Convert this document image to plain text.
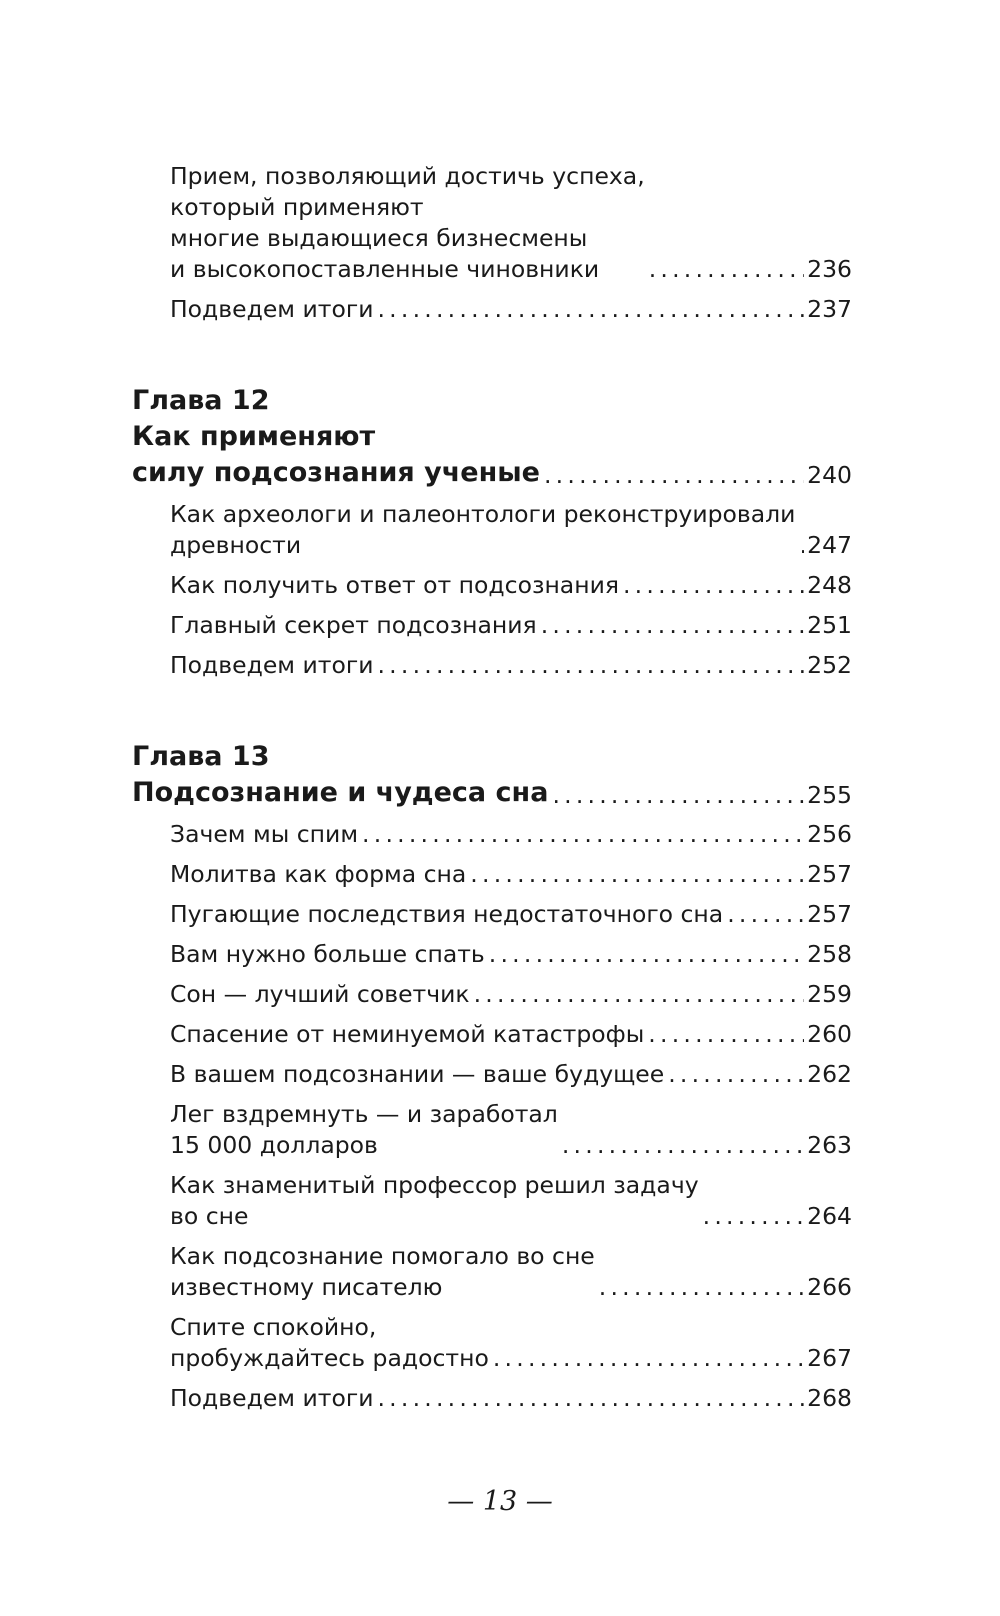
Прием, позволяющий достичь успеха,
который применяют
многие выдающиеся бизнесмены
и высокопоставленные чиновники .....	236
Подведем итоги .....	237
Глава 12
Как применяют
силу подсознания ученые .....	240
Как археологи и палеонтологи реконструировали
древности .....	247
Как получить ответ от подсознания .....	248
Главный секрет подсознания .....	251
Подведем итоги .....	252
Глава 13
Подсознание и чудеса сна .....	255
Зачем мы спим .....	256
Молитва как форма сна .....	257
Пугающие последствия недостаточного сна .....	257
Вам нужно больше спать .....	258
Сон — лучший советчик .....	259
Спасение от неминуемой катастрофы .....	260
В вашем подсознании — ваше будущее .....	262
Лег вздремнуть — и заработал
15 000 долларов .....	263
Как знаменитый профессор решил задачу
во сне .....	264
Как подсознание помогало во сне
известному писателю .....	266
Спите спокойно,
пробуждайтесь радостно .....	267
Подведем итоги .....	268
— 13 —
